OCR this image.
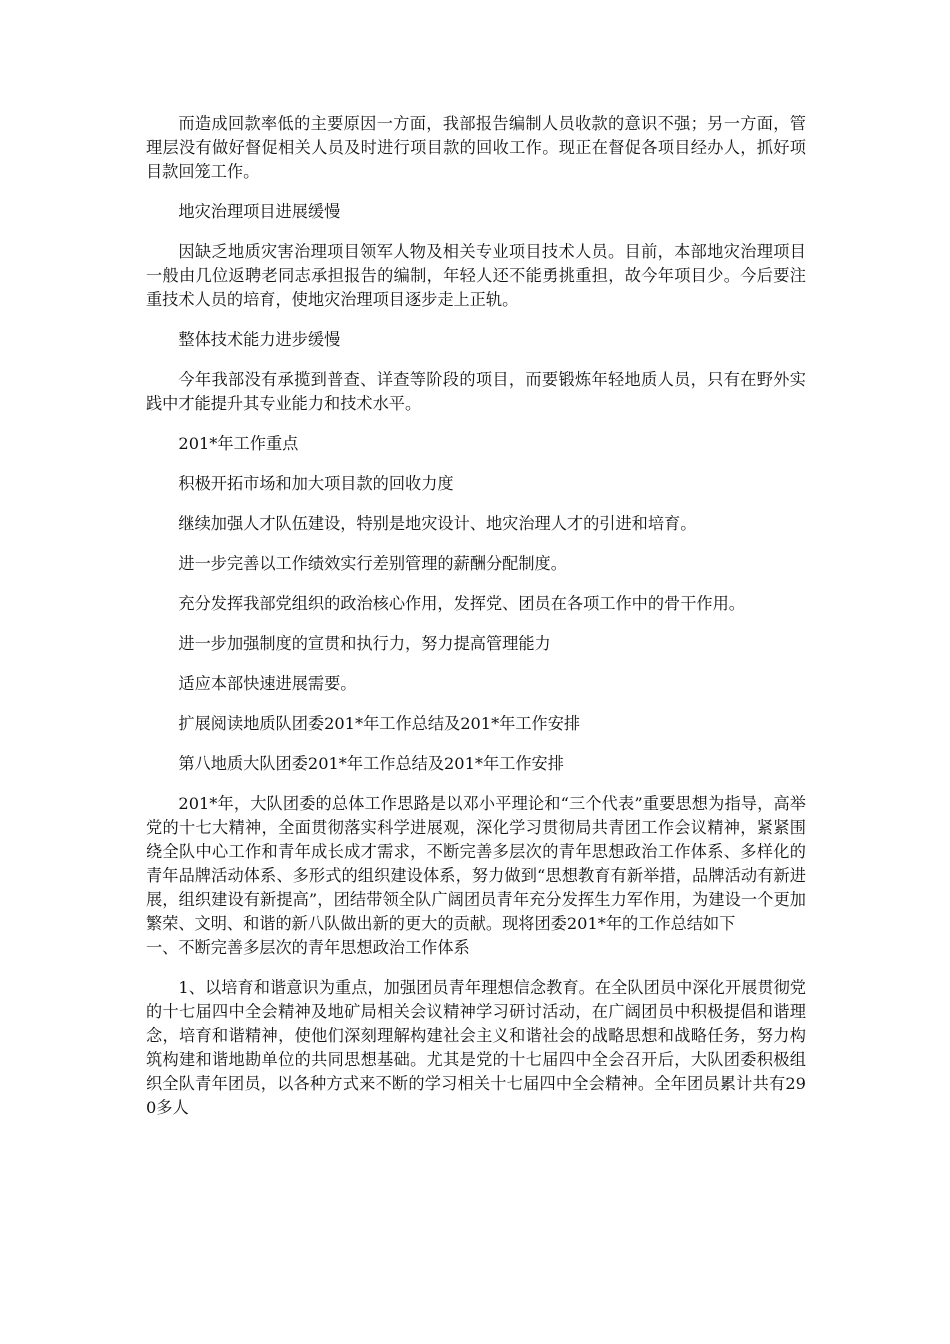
而造成回款率低的主要原因一方面，我部报告编制人员收款的意识不强；另一方面，管理层没有做好督促相关人员及时进行项目款的回收工作。现正在督促各项目经办人，抓好项目款回笼工作。

地灾治理项目进展缓慢

因缺乏地质灾害治理项目领军人物及相关专业项目技术人员。目前，本部地灾治理项目一般由几位返聘老同志承担报告的编制，年轻人还不能勇挑重担，故今年项目少。今后要注重技术人员的培育，使地灾治理项目逐步走上正轨。

整体技术能力进步缓慢

今年我部没有承揽到普查、详查等阶段的项目，而要锻炼年轻地质人员，只有在野外实践中才能提升其专业能力和技术水平。

201*年工作重点

积极开拓市场和加大项目款的回收力度

继续加强人才队伍建设，特别是地灾设计、地灾治理人才的引进和培育。

进一步完善以工作绩效实行差别管理的薪酬分配制度。

充分发挥我部党组织的政治核心作用，发挥党、团员在各项工作中的骨干作用。

进一步加强制度的宣贯和执行力，努力提高管理能力

适应本部快速进展需要。

扩展阅读地质队团委201*年工作总结及201*年工作安排

第八地质大队团委201*年工作总结及201*年工作安排

201*年，大队团委的总体工作思路是以邓小平理论和“三个代表”重要思想为指导，高举党的十七大精神，全面贯彻落实科学进展观，深化学习贯彻局共青团工作会议精神，紧紧围绕全队中心工作和青年成长成才需求，不断完善多层次的青年思想政治工作体系、多样化的青年品牌活动体系、多形式的组织建设体系，努力做到“思想教育有新举措，品牌活动有新进展，组织建设有新提高”，团结带领全队广阔团员青年充分发挥生力军作用，为建设一个更加繁荣、文明、和谐的新八队做出新的更大的贡献。现将团委201*年的工作总结如下

一、不断完善多层次的青年思想政治工作体系

1、以培育和谐意识为重点，加强团员青年理想信念教育。在全队团员中深化开展贯彻党的十七届四中全会精神及地矿局相关会议精神学习研讨活动，在广阔团员中积极提倡和谐理念，培育和谐精神，使他们深刻理解构建社会主义和谐社会的战略思想和战略任务，努力构筑构建和谐地勘单位的共同思想基础。尤其是党的十七届四中全会召开后，大队团委积极组织全队青年团员，以各种方式来不断的学习相关十七届四中全会精神。全年团员累计共有290多人
